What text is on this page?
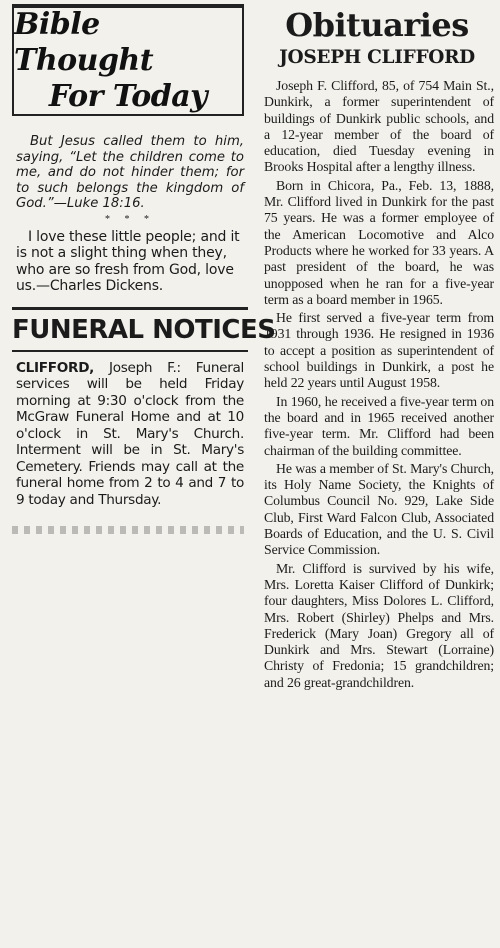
Bible Thought
For Today

But Jesus called them to him, saying, “Let the children come to me, and do not hinder them; for to such belongs the kingdom of God.”—Luke 18:16.

* * *

I love these little people; and it is not a slight thing when they, who are so fresh from God, love us.—Charles Dickens.

FUNERAL NOTICES

CLIFFORD, Joseph F.: Funeral services will be held Friday morning at 9:30 o'clock from the McGraw Funeral Home and at 10 o'clock in St. Mary's Church. Interment will be in St. Mary's Cemetery. Friends may call at the funeral home from 2 to 4 and 7 to 9 today and Thursday.

Obituaries
JOSEPH CLIFFORD

Joseph F. Clifford, 85, of 754 Main St., Dunkirk, a former superintendent of buildings of Dunkirk public schools, and a 12-year member of the board of education, died Tuesday evening in Brooks Hospital after a lengthy illness.

Born in Chicora, Pa., Feb. 13, 1888, Mr. Clifford lived in Dunkirk for the past 75 years. He was a former employee of the American Locomotive and Alco Products where he worked for 33 years. A past president of the board, he was unopposed when he ran for a five-year term as a board member in 1965.

He first served a five-year term from 1931 through 1936. He resigned in 1936 to accept a position as superintendent of school buildings in Dunkirk, a post he held 22 years until August 1958.

In 1960, he received a five-year term on the board and in 1965 received another five-year term. Mr. Clifford had been chairman of the building committee.

He was a member of St. Mary's Church, its Holy Name Society, the Knights of Columbus Council No. 929, Lake Side Club, First Ward Falcon Club, Associated Boards of Education, and the U. S. Civil Service Commission.

Mr. Clifford is survived by his wife, Mrs. Loretta Kaiser Clifford of Dunkirk; four daughters, Miss Dolores L. Clifford, Mrs. Robert (Shirley) Phelps and Mrs. Frederick (Mary Joan) Gregory all of Dunkirk and Mrs. Stewart (Lorraine) Christy of Fredonia; 15 grandchildren; and 26 great-grandchildren.
